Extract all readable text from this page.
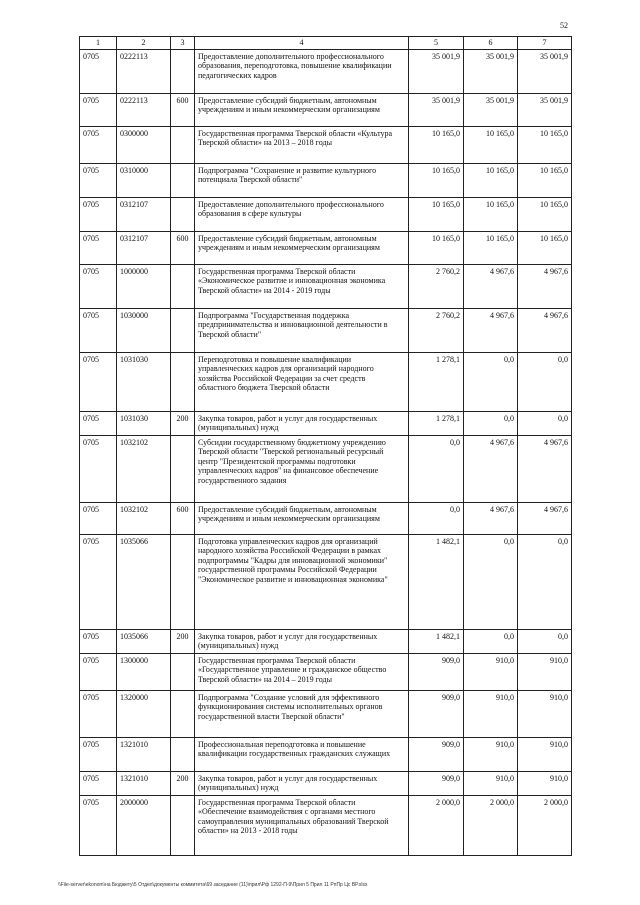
52
1	2	3	4	5	6	7
0705	0222113		Предоставление дополнительного профессионального образования, переподготовка, повышение квалификации педагогических кадров	35 001,9	35 001,9	35 001,9
0705	0222113	600	Предоставление субсидий бюджетным, автономным учреждениям и иным некоммерческим организациям	35 001,9	35 001,9	35 001,9
0705	0300000		Государственная программа Тверской области «Культура Тверской области» на 2013 – 2018 годы	10 165,0	10 165,0	10 165,0
0705	0310000		Подпрограмма "Сохранение и развитие культурного потенциала Тверской области"	10 165,0	10 165,0	10 165,0
0705	0312107		Предоставление дополнительного профессионального образования в сфере культуры	10 165,0	10 165,0	10 165,0
0705	0312107	600	Предоставление субсидий бюджетным, автономным учреждениям и иным некоммерческим организациям	10 165,0	10 165,0	10 165,0
0705	1000000		Государственная программа Тверской области «Экономическое развитие и инновационная экономика Тверской области» на 2014 - 2019 годы	2 760,2	4 967,6	4 967,6
0705	1030000		Подпрограмма "Государственная поддержка предпринимательства и инновационной деятельности в Тверской области"	2 760,2	4 967,6	4 967,6
0705	1031030		Переподготовка и повышение квалификации управленческих кадров для организаций народного хозяйства Российской Федерации за счет средств областного бюджета Тверской области	1 278,1	0,0	0,0
0705	1031030	200	Закупка товаров, работ и услуг для государственных (муниципальных) нужд	1 278,1	0,0	0,0
0705	1032102		Субсидии государственному бюджетному учреждению Тверской области "Тверской региональный ресурсный центр "Президентской программы подготовки управленческих кадров" на финансовое обеспечение государственного задания	0,0	4 967,6	4 967,6
0705	1032102	600	Предоставление субсидий бюджетным, автономным учреждениям и иным некоммерческим организациям	0,0	4 967,6	4 967,6
0705	1035066		Подготовка управленческих кадров для организаций народного хозяйства Российской Федерации в рамках подпрограммы "Кадры для инновационной экономики" государственной программы Российской Федерации "Экономическое развитие и инновационная экономика"	1 482,1	0,0	0,0
0705	1035066	200	Закупка товаров, работ и услуг для государственных (муниципальных) нужд	1 482,1	0,0	0,0
0705	1300000		Государственная программа Тверской области «Государственное управление и гражданское общество Тверской области» на 2014 – 2019 годы	909,0	910,0	910,0
0705	1320000		Подпрограмма "Создание условий для эффективного функционирования системы исполнительных органов государственной власти Тверской области"	909,0	910,0	910,0
0705	1321010		Профессиональная переподготовка и повышение квалификации государственных гражданских служащих	909,0	910,0	910,0
0705	1321010	200	Закупка товаров, работ и услуг для государственных (муниципальных) нужд	909,0	910,0	910,0
0705	2000000		Государственная программа Тверской области «Обеспечение взаимодействия с органами местного самоуправления муниципальных образований Тверской области» на 2013 - 2018 годы	2 000,0	2 000,0	2 000,0
\\File-server\ekonom\на Бюджету\5 Отдел\документы коммитета\69 заседание (11)\прил\Рф 1292-П-9\Прил 5 Прил 11 РпПр Цс ВР.xlsx
